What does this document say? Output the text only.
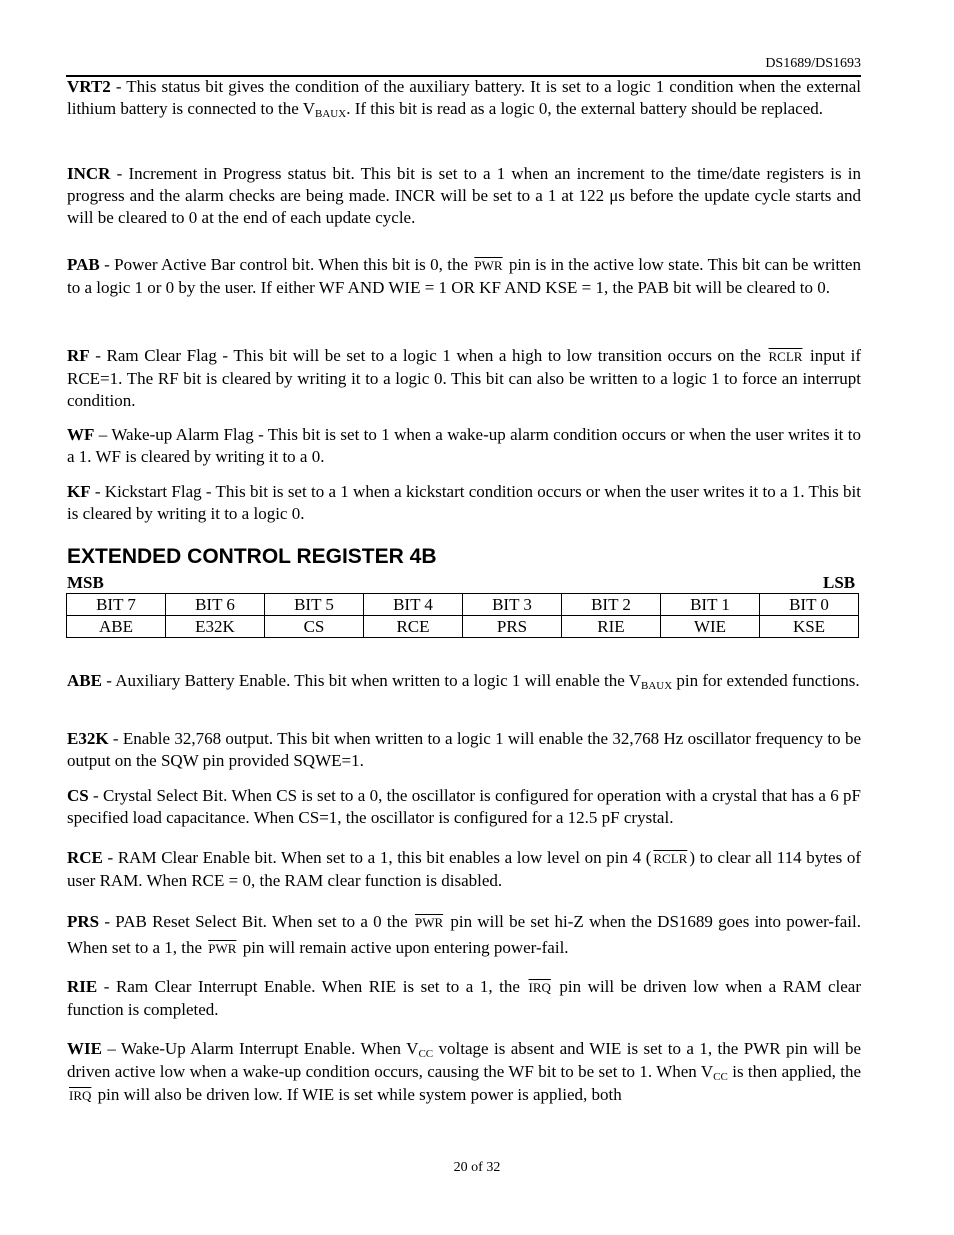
DS1689/DS1693

VRT2 - This status bit gives the condition of the auxiliary battery. It is set to a logic 1 condition when the external lithium battery is connected to the $V_{BAUX}$. If this bit is read as a logic 0, the external battery should be replaced.

INCR - Increment in Progress status bit. This bit is set to a 1 when an increment to the time/date registers is in progress and the alarm checks are being made. INCR will be set to a 1 at 122 μs before the update cycle starts and will be cleared to 0 at the end of each update cycle.

PAB - Power Active Bar control bit. When this bit is 0, the $\overline{PWR}$ pin is in the active low state. This bit can be written to a logic 1 or 0 by the user. If either WF AND WIE = 1 OR KF AND KSE = 1, the PAB bit will be cleared to 0.

RF - Ram Clear Flag - This bit will be set to a logic 1 when a high to low transition occurs on the RCLR input if RCE=1. The RF bit is cleared by writing it to a logic 0. This bit can also be written to a logic 1 to force an interrupt condition.

WF – Wake-up Alarm Flag - This bit is set to 1 when a wake-up alarm condition occurs or when the user writes it to a 1. WF is cleared by writing it to a 0.

KF - Kickstart Flag - This bit is set to a 1 when a kickstart condition occurs or when the user writes it to a 1. This bit is cleared by writing it to a logic 0.

EXTENDED CONTROL REGISTER 4B
MSB	LSB
BIT 7	BIT 6	BIT 5	BIT 4	BIT 3	BIT 2	BIT 1	BIT 0
ABE	E32K	CS	RCE	PRS	RIE	WIE	KSE

ABE - Auxiliary Battery Enable. This bit when written to a logic 1 will enable the $V_{BAUX}$ pin for extended functions.

E32K - Enable 32,768 output. This bit when written to a logic 1 will enable the 32,768 Hz oscillator frequency to be output on the SQW pin provided SQWE=1.

CS - Crystal Select Bit. When CS is set to a 0, the oscillator is configured for operation with a crystal that has a 6 pF specified load capacitance. When CS=1, the oscillator is configured for a 12.5 pF crystal.

RCE - RAM Clear Enable bit. When set to a 1, this bit enables a low level on pin 4 ( RCLR ) to clear all 114 bytes of user RAM. When RCE = 0, the RAM clear function is disabled.

PRS - PAB Reset Select Bit. When set to a 0 the $\overline{PWR}$ pin will be set hi-Z when the DS1689 goes into power-fail. When set to a 1, the $\overline{PWR}$ pin will remain active upon entering power-fail.

RIE - Ram Clear Interrupt Enable. When RIE is set to a 1, the $\overline{IRQ}$ pin will be driven low when a RAM clear function is completed.

WIE – Wake-Up Alarm Interrupt Enable. When $V_{CC}$ voltage is absent and WIE is set to a 1, the PWR pin will be driven active low when a wake-up condition occurs, causing the WF bit to be set to 1. When $V_{CC}$ is then applied, the $\overline{IRQ}$ pin will also be driven low. If WIE is set while system power is applied, both

20 of 32
